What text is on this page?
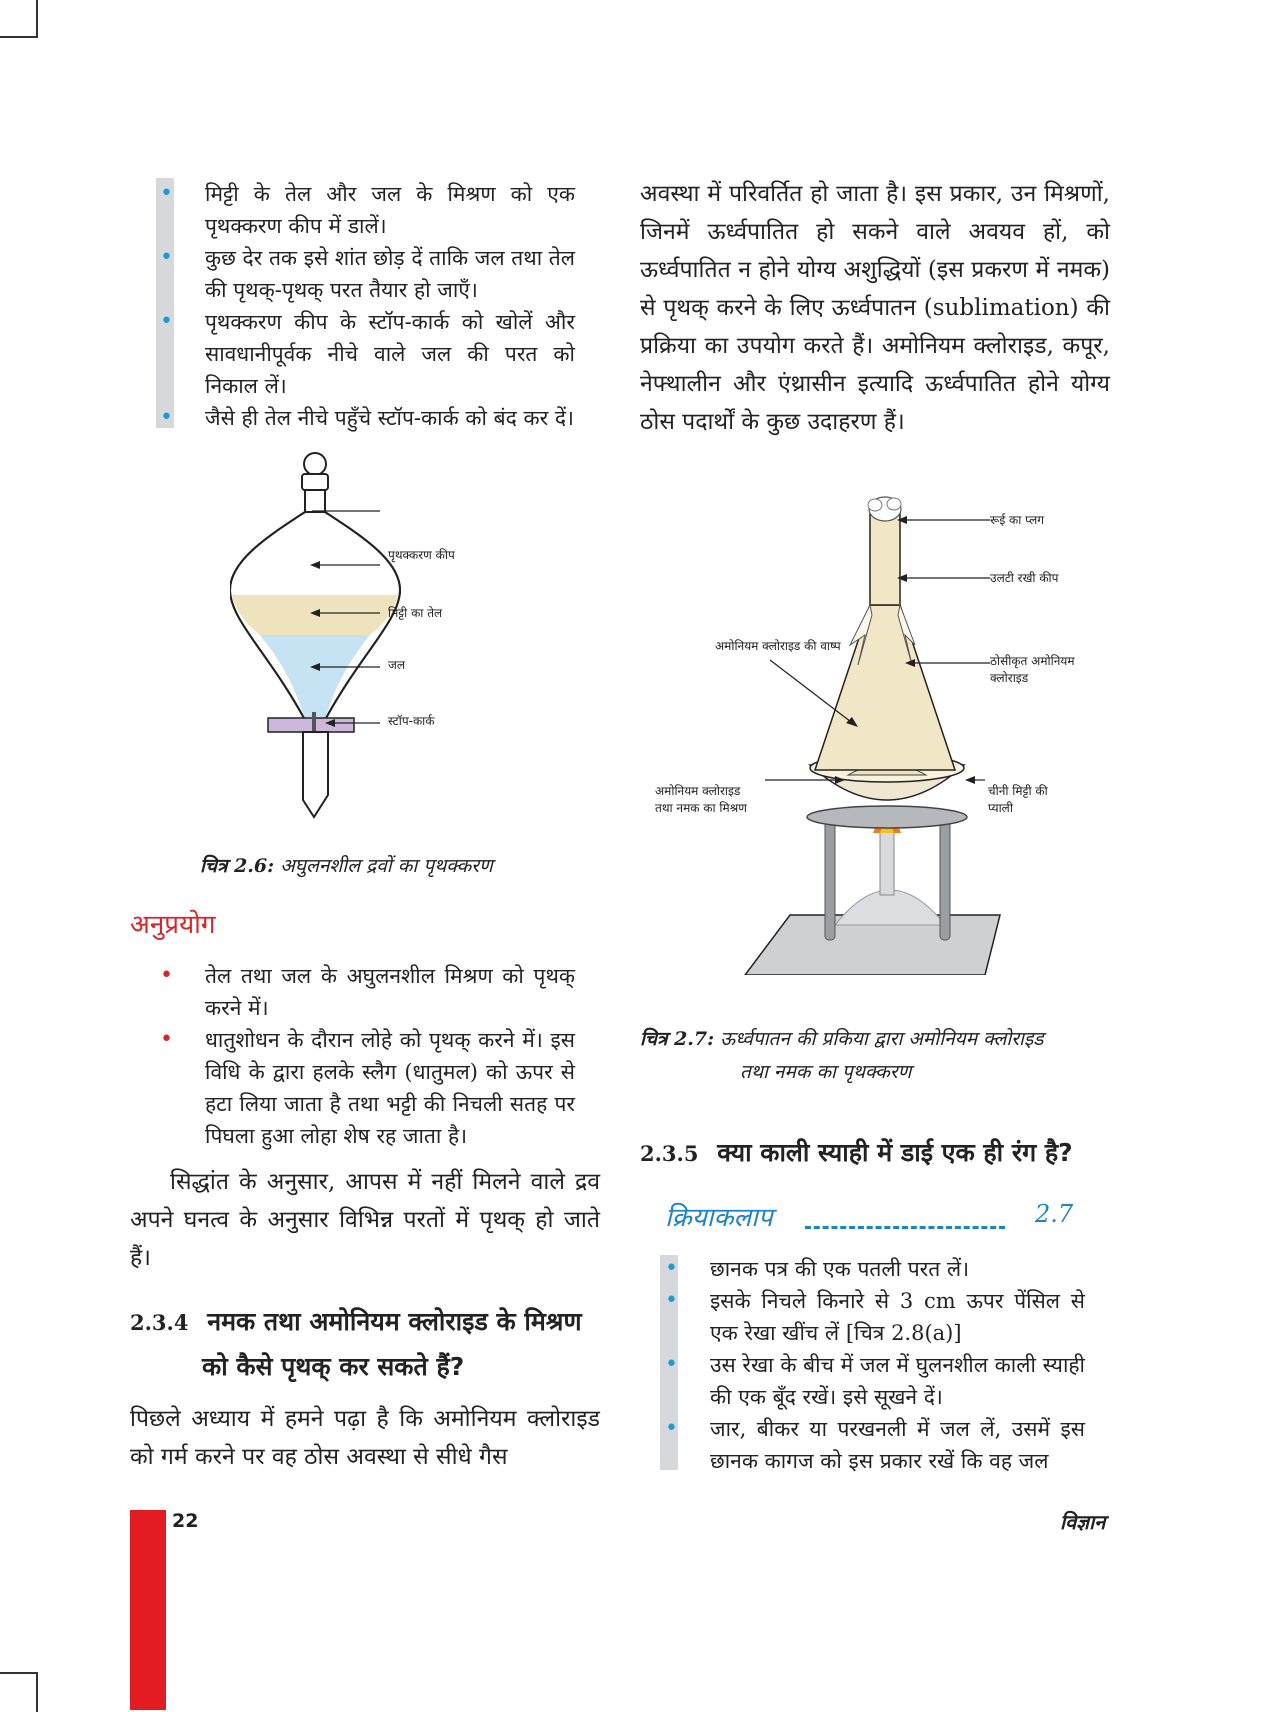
• मिट्टी के तेल और जल के मिश्रण को एक पृथक्करण कीप में डालें।
• कुछ देर तक इसे शांत छोड़ दें ताकि जल तथा तेल की पृथक्-पृथक् परत तैयार हो जाएँ।
• पृथक्करण कीप के स्टॉप-कार्क को खोलें और सावधानीपूर्वक नीचे वाले जल की परत को निकाल लें।
• जैसे ही तेल नीचे पहुँचे स्टॉप-कार्क को बंद कर दें।
पृथक्करण कीप
मिट्टी का तेल
जल
स्टॉप-कार्क
चित्र 2.6: अघुलनशील द्रवों का पृथक्करण
अनुप्रयोग
• तेल तथा जल के अघुलनशील मिश्रण को पृथक् करने में।
• धातुशोधन के दौरान लोहे को पृथक् करने में। इस विधि के द्वारा हलके स्लैग (धातुमल) को ऊपर से हटा लिया जाता है तथा भट्टी की निचली सतह पर पिघला हुआ लोहा शेष रह जाता है।
सिद्धांत के अनुसार, आपस में नहीं मिलने वाले द्रव अपने घनत्व के अनुसार विभिन्न परतों में पृथक् हो जाते हैं।
2.3.4 नमक तथा अमोनियम क्लोराइड के मिश्रण
को कैसे पृथक् कर सकते हैं?
पिछले अध्याय में हमने पढ़ा है कि अमोनियम क्लोराइड को गर्म करने पर वह ठोस अवस्था से सीधे गैस
अवस्था में परिवर्तित हो जाता है। इस प्रकार, उन मिश्रणों, जिनमें ऊर्ध्वपातित हो सकने वाले अवयव हों, को ऊर्ध्वपातित न होने योग्य अशुद्धियों (इस प्रकरण में नमक) से पृथक् करने के लिए ऊर्ध्वपातन (sublimation) की प्रक्रिया का उपयोग करते हैं। अमोनियम क्लोराइड, कपूर, नेफ्थालीन और एंथ्रासीन इत्यादि ऊर्ध्वपातित होने योग्य ठोस पदार्थों के कुछ उदाहरण हैं।
रूई का प्लग
उलटी रखी कीप
अमोनियम क्लोराइड की वाष्प
ठोसीकृत अमोनियम
क्लोराइड
अमोनियम क्लोराइड
तथा नमक का मिश्रण
चीनी मिट्टी की
प्याली
चित्र 2.7: ऊर्ध्वपातन की प्रकिया द्वारा अमोनियम क्लोराइड
तथा नमक का पृथक्करण
2.3.5 क्या काली स्याही में डाई एक ही रंग है?
क्रियाकलाप	2.7
• छानक पत्र की एक पतली परत लें।
• इसके निचले किनारे से 3 cm ऊपर पेंसिल से एक रेखा खींच लें [चित्र 2.8(a)]
• उस रेखा के बीच में जल में घुलनशील काली स्याही की एक बूँद रखें। इसे सूखने दें।
• जार, बीकर या परखनली में जल लें, उसमें इस छानक कागज को इस प्रकार रखें कि वह जल
22	विज्ञान
